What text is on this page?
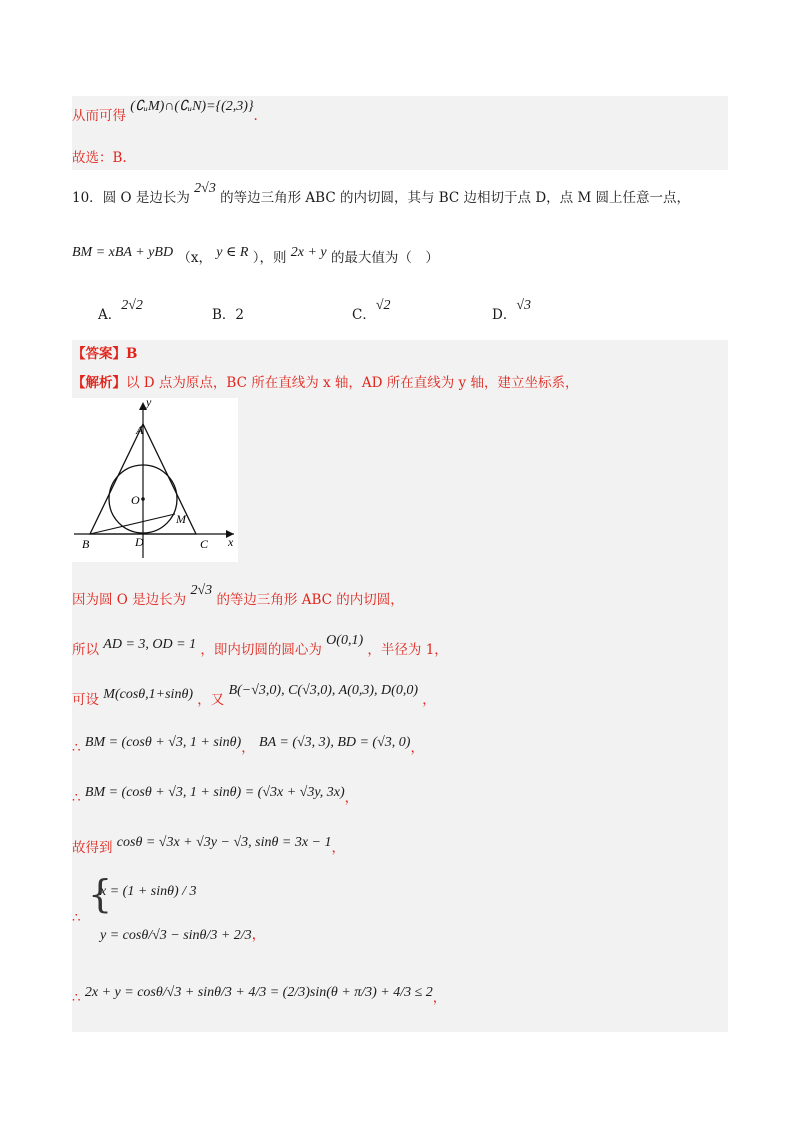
从而可得 (∁ᵤM)∩(∁ᵤN)={(2,3)}.
故选：B.
10．圆 O 是边长为 2√3 的等边三角形 ABC 的内切圆，其与 BC 边相切于点 D，点 M 圆上任意一点，
BM = xBA + yBD （x， y ∈ R ），则 2x + y 的最大值为（　）
A．2√2
B．2	C．√2
D．√3
【答案】B
【解析】以 D 点为原点，BC 所在直线为 x 轴，AD 所在直线为 y 轴，建立坐标系，
y
A
O
M
B	D	C x
因为圆 O 是边长为 2√3 的等边三角形 ABC 的内切圆，
所以 AD = 3, OD = 1 ，即内切圆的圆心为 O(0,1) ，半径为 1，
可设 M(cosθ,1+sinθ) ，又 B(−√3,0), C(√3,0), A(0,3), D(0,0) ，
∴ BM = (cosθ + √3, 1 + sinθ)， BA = (√3, 3), BD = (√3, 0)，
∴ BM = (cosθ + √3, 1 + sinθ) = (√3x + √3y, 3x)，
故得到 cosθ = √3x + √3y − √3, sinθ = 3x − 1，
∴
{
x = (1 + sinθ) / 3
y = cosθ/√3 − sinθ/3 + 2/3，
∴ 2x + y = cosθ/√3 + sinθ/3 + 4/3 = (2/3)sin(θ + π/3) + 4/3 ≤ 2，
